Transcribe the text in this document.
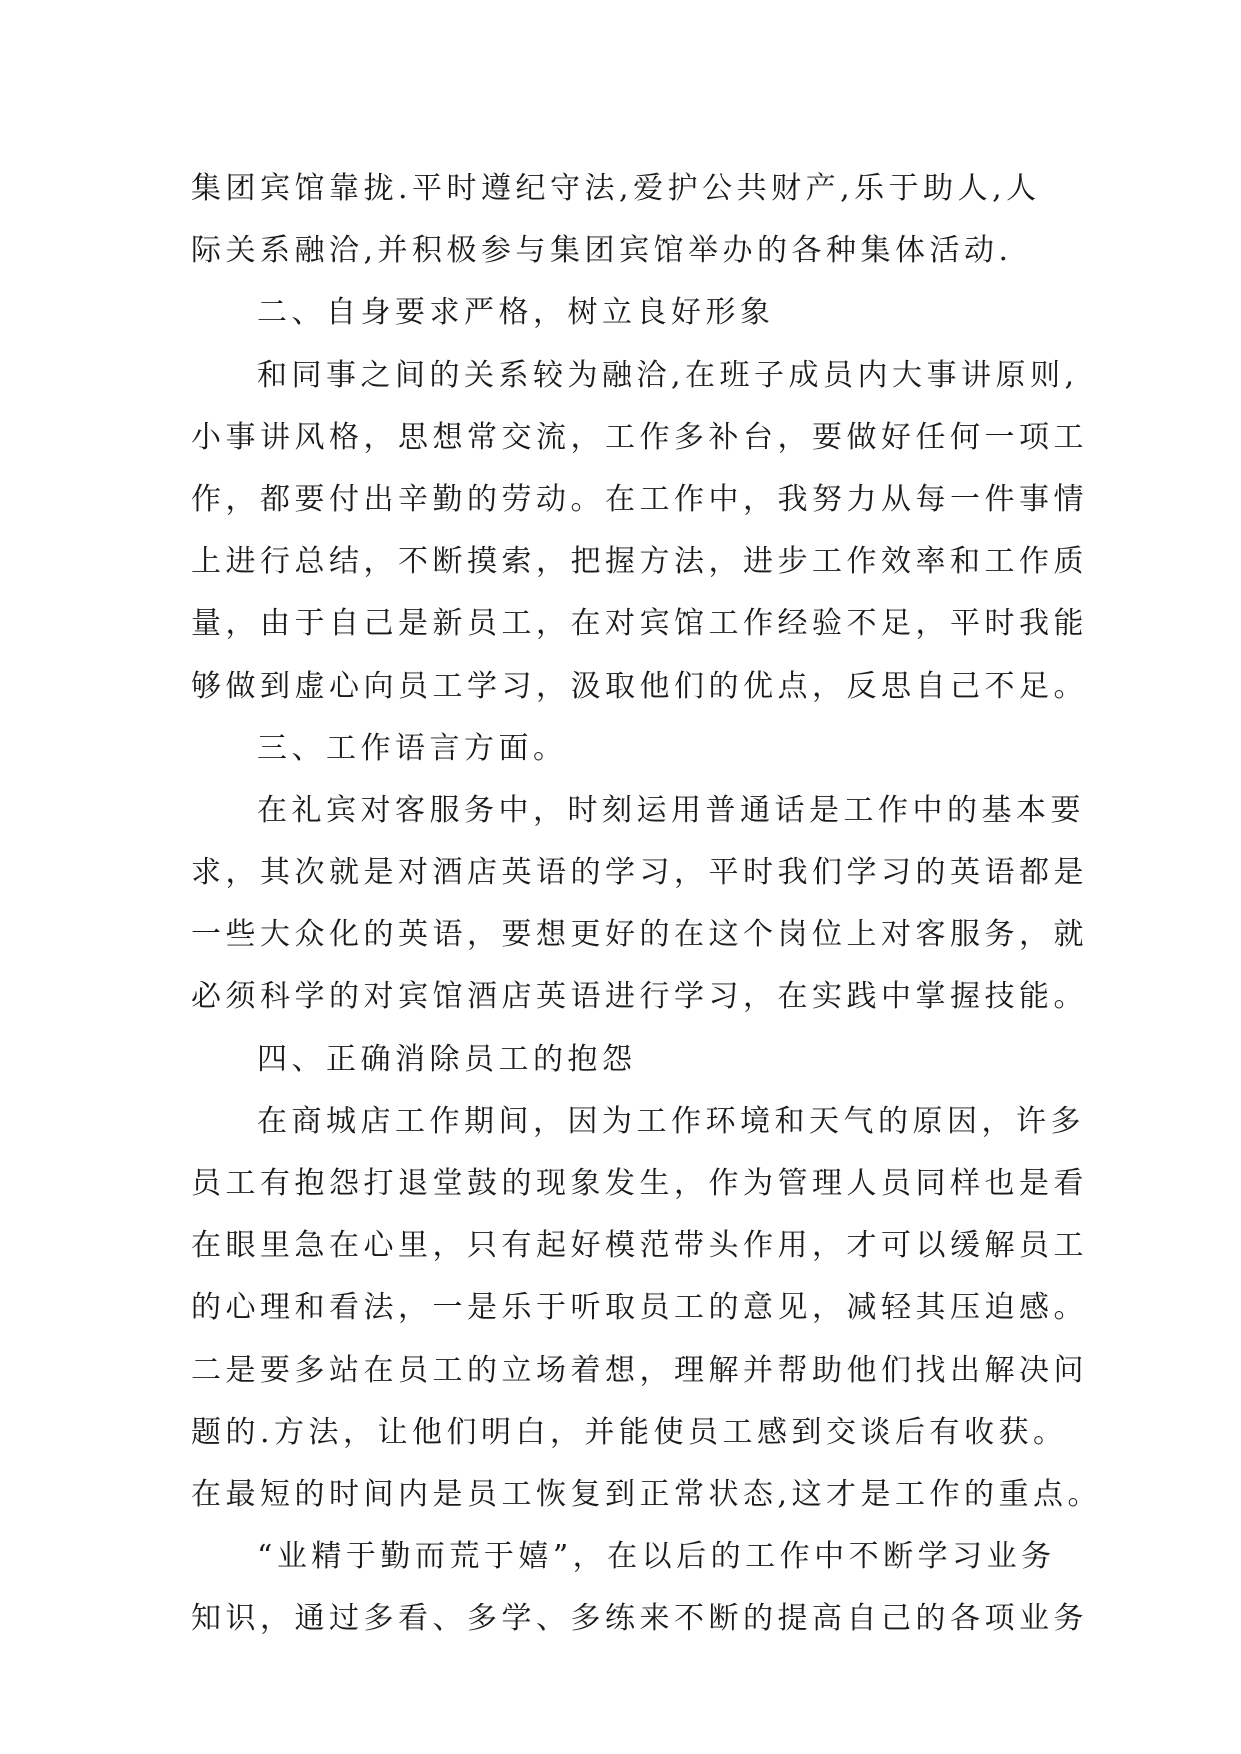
集团宾馆靠拢.平时遵纪守法,爱护公共财产,乐于助人,人
际关系融洽,并积极参与集团宾馆举办的各种集体活动.
二、自身要求严格，树立良好形象
和同事之间的关系较为融洽,在班子成员内大事讲原则,
小事讲风格，思想常交流，工作多补台，要做好任何一项工
作，都要付出辛勤的劳动。在工作中，我努力从每一件事情
上进行总结，不断摸索，把握方法，进步工作效率和工作质
量，由于自己是新员工，在对宾馆工作经验不足，平时我能
够做到虚心向员工学习，汲取他们的优点，反思自己不足。
三、工作语言方面。
在礼宾对客服务中，时刻运用普通话是工作中的基本要
求，其次就是对酒店英语的学习，平时我们学习的英语都是
一些大众化的英语，要想更好的在这个岗位上对客服务，就
必须科学的对宾馆酒店英语进行学习，在实践中掌握技能。
四、正确消除员工的抱怨
在商城店工作期间，因为工作环境和天气的原因，许多
员工有抱怨打退堂鼓的现象发生，作为管理人员同样也是看
在眼里急在心里，只有起好模范带头作用，才可以缓解员工
的心理和看法，一是乐于听取员工的意见，减轻其压迫感。
二是要多站在员工的立场着想，理解并帮助他们找出解决问
题的.方法，让他们明白，并能使员工感到交谈后有收获。
在最短的时间内是员工恢复到正常状态,这才是工作的重点。
“业精于勤而荒于嬉”，在以后的工作中不断学习业务
知识，通过多看、多学、多练来不断的提高自己的各项业务
